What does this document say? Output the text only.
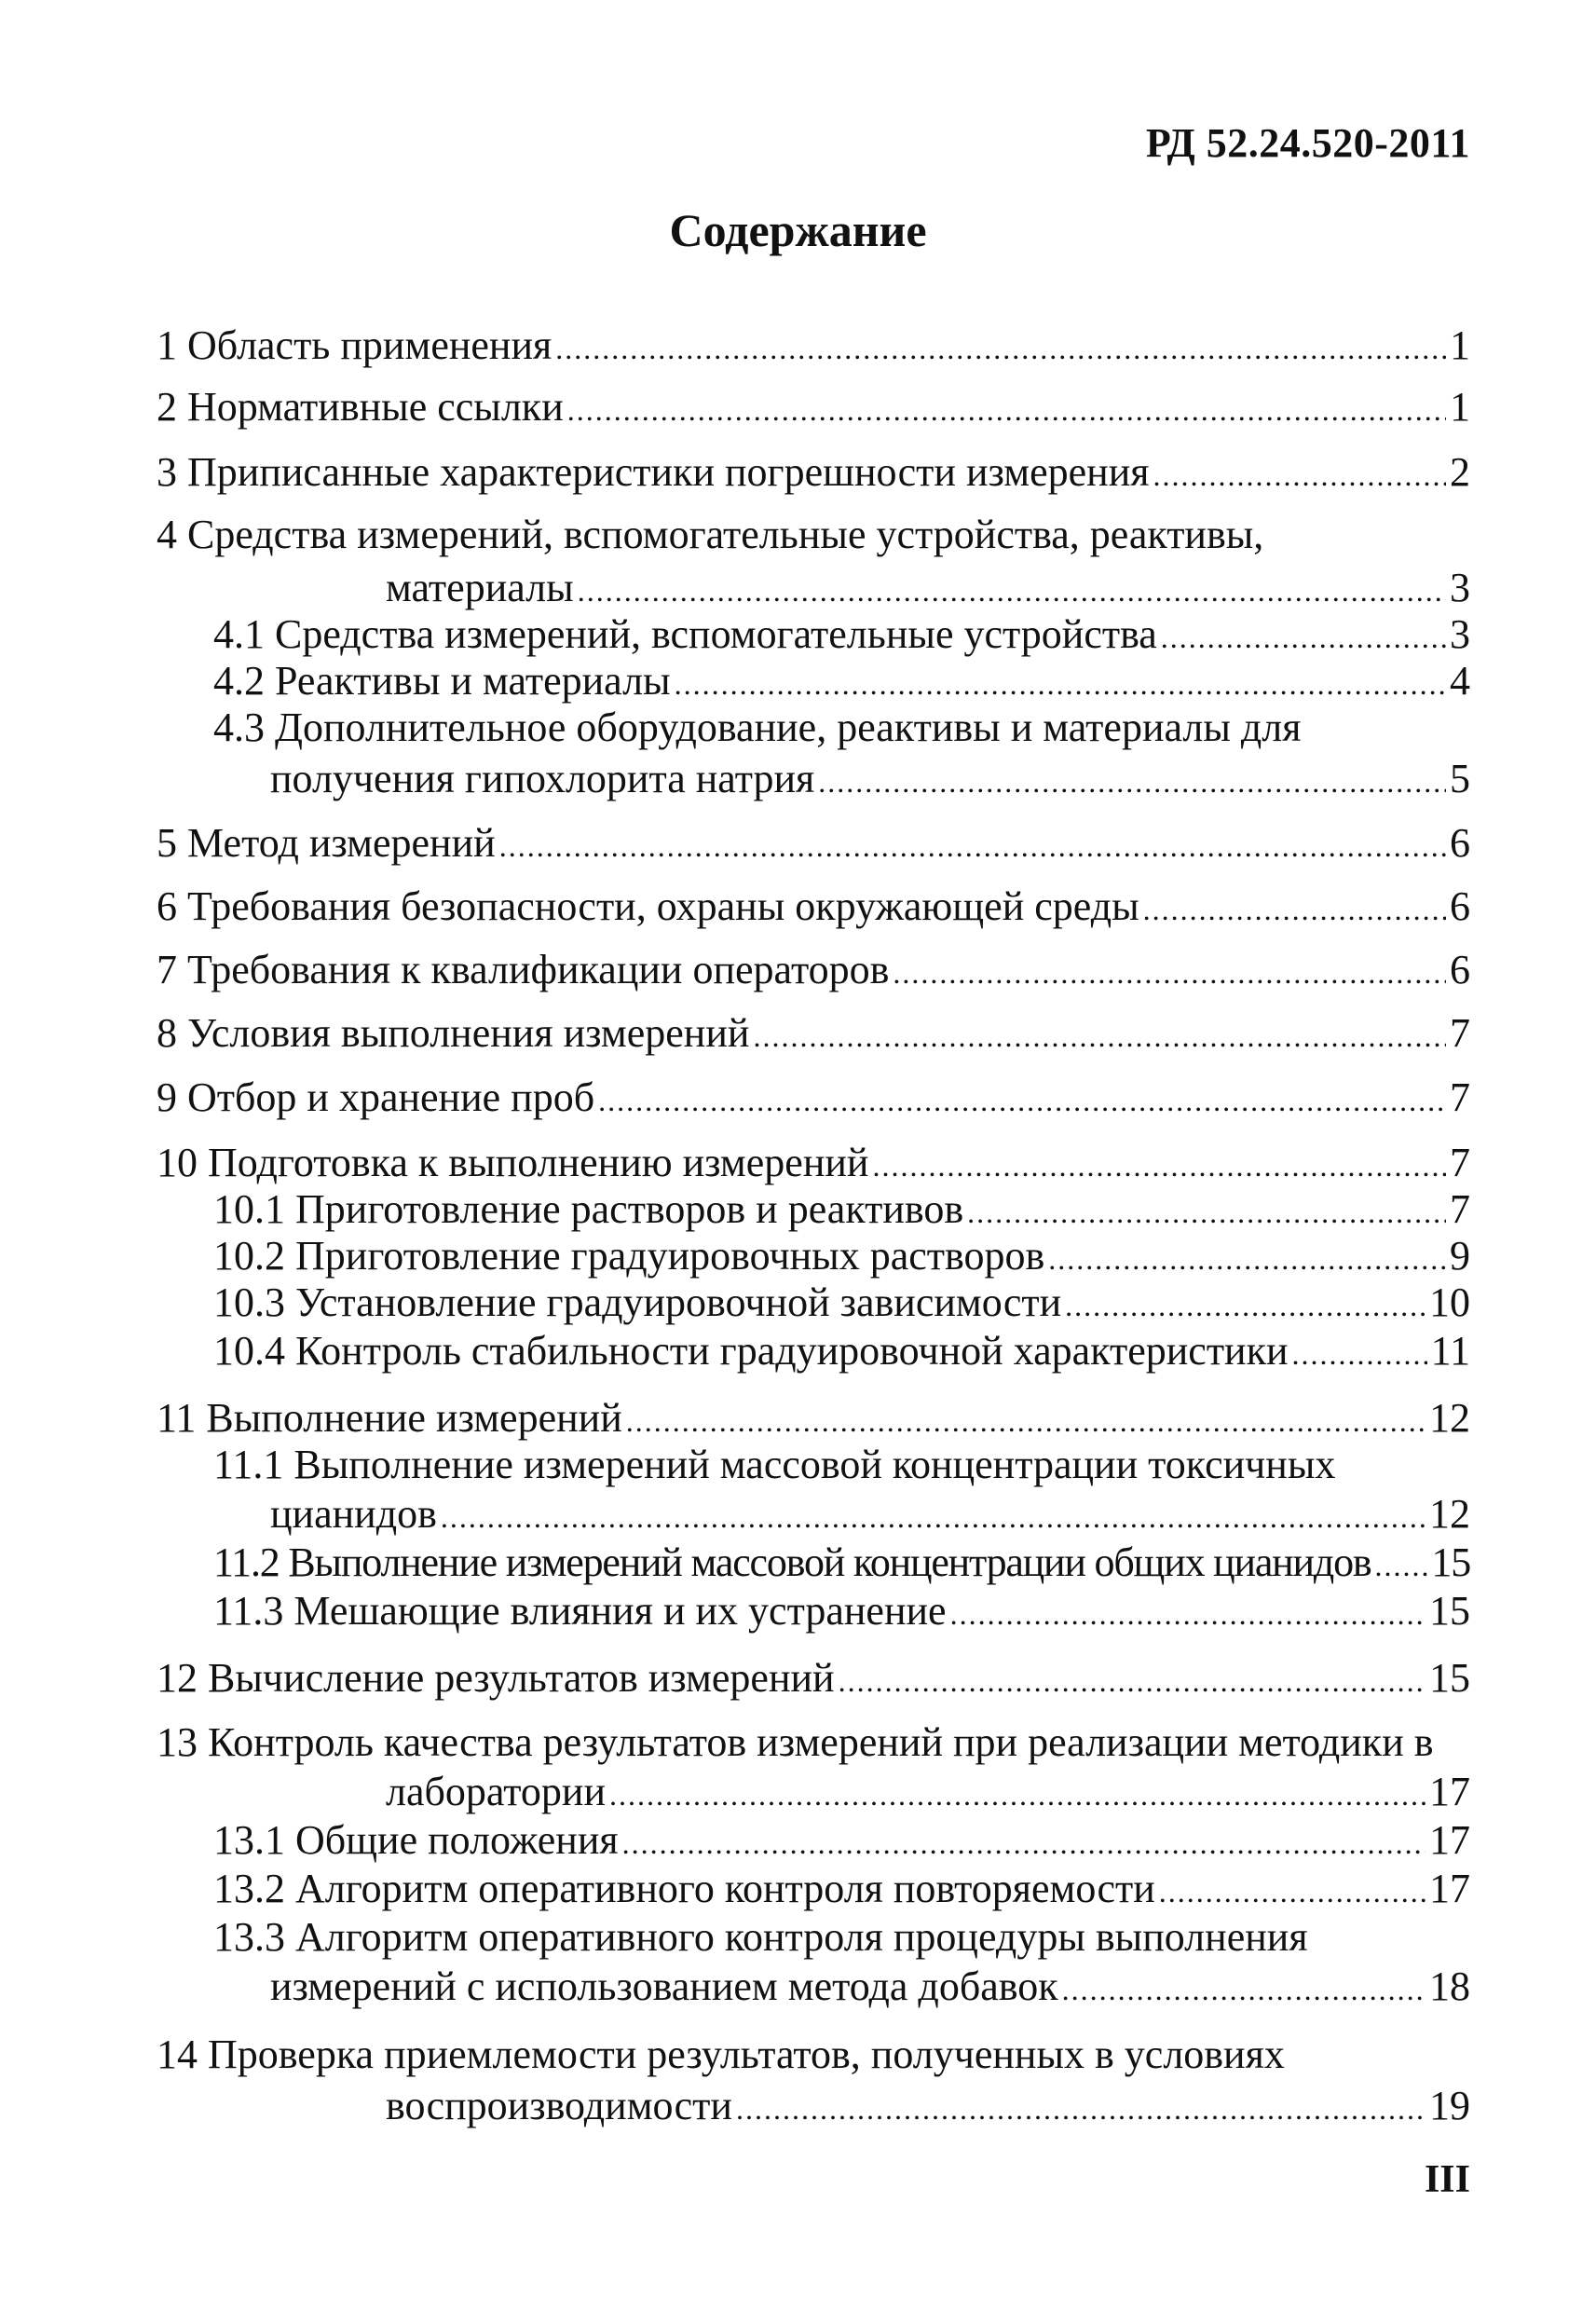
РД 52.24.520-2011
Содержание
1 Область применения .....	1
2 Нормативные ссылки .....	1
3 Приписанные характеристики погрешности измерения .....	2
4 Средства измерений, вспомогательные устройства, реактивы,
материалы .....	3
4.1 Средства измерений, вспомогательные устройства .....	3
4.2 Реактивы и материалы .....	4
4.3 Дополнительное оборудование, реактивы и материалы для
получения гипохлорита натрия .....	5
5 Метод измерений .....	6
6 Требования безопасности, охраны окружающей среды .....	6
7 Требования к квалификации операторов .....	6
8 Условия выполнения измерений .....	7
9 Отбор и хранение проб .....	7
10 Подготовка к выполнению измерений .....	7
10.1 Приготовление растворов и реактивов .....	7
10.2 Приготовление градуировочных растворов .....	9
10.3 Установление градуировочной зависимости .....	10
10.4 Контроль стабильности градуировочной характеристики .....	11
11 Выполнение измерений .....	12
11.1 Выполнение измерений массовой концентрации токсичных
цианидов .....	12
11.2 Выполнение измерений массовой концентрации общих цианидов ..... 15
11.3 Мешающие влияния и их устранение .....	15
12 Вычисление результатов измерений .....	15
13 Контроль качества результатов измерений при реализации методики в
лаборатории .....	17
13.1 Общие положения .....	17
13.2 Алгоритм оперативного контроля повторяемости .....	17
13.3 Алгоритм оперативного контроля процедуры выполнения
измерений с использованием метода добавок .....	18
14 Проверка приемлемости результатов, полученных в условиях
воспроизводимости .....	19
III
